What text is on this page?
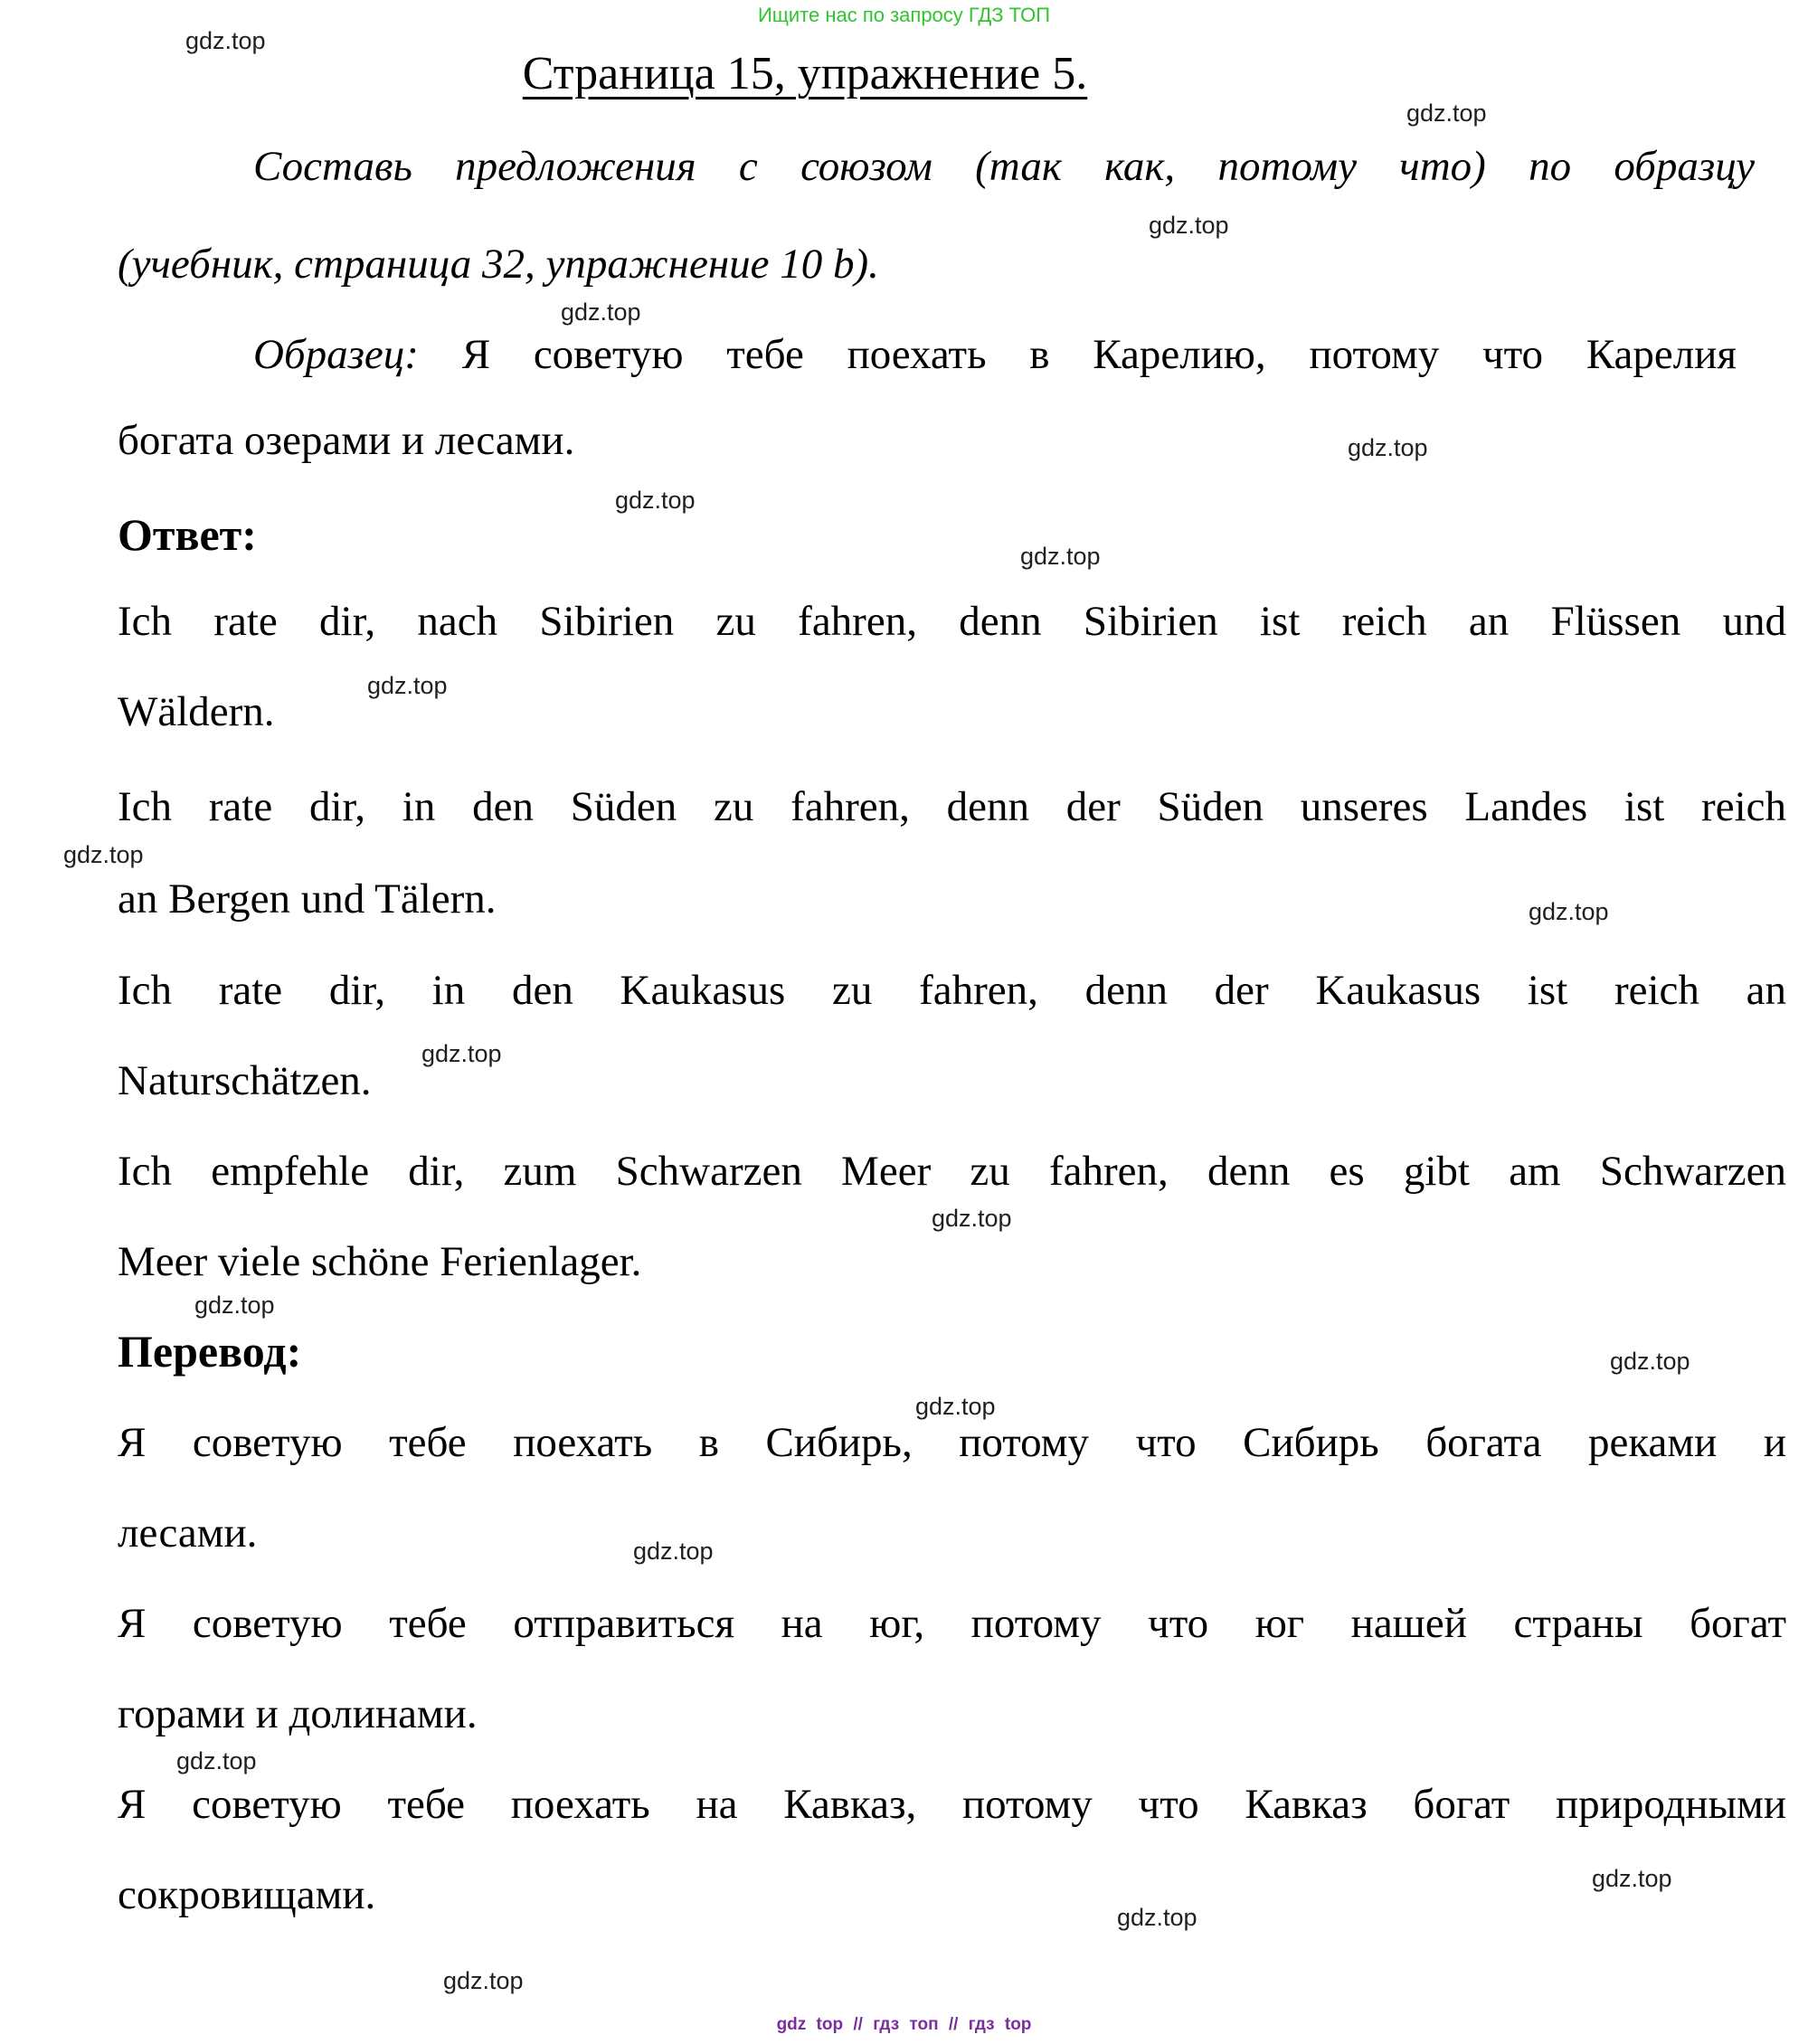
Ищите нас по запросу ГДЗ ТОП
Страница 15, упражнение 5.
Составь предложения с союзом (так как, потому что) по образцу
(учебник, страница 32, упражнение 10 b).
Образец: Я советую тебе поехать в Карелию, потому что Карелия
богата озерами и лесами.
Ответ:
Ich rate dir, nach Sibirien zu fahren, denn Sibirien ist reich an Flüssen und
Wäldern.
Ich rate dir, in den Süden zu fahren, denn der Süden unseres Landes ist reich
an Bergen und Tälern.
Ich rate dir, in den Kaukasus zu fahren, denn der Kaukasus ist reich an
Naturschätzen.
Ich empfehle dir, zum Schwarzen Meer zu fahren, denn es gibt am Schwarzen
Meer viele schöne Ferienlager.
Перевод:
Я советую тебе поехать в Сибирь, потому что Сибирь богата реками и
лесами.
Я советую тебе отправиться на юг, потому что юг нашей страны богат
горами и долинами.
Я советую тебе поехать на Кавказ, потому что Кавказ богат природными
сокровищами.
gdz.top
gdz.top
gdz.top
gdz.top
gdz.top
gdz.top
gdz.top
gdz.top
gdz.top
gdz.top
gdz.top
gdz.top
gdz.top
gdz.top
gdz.top
gdz.top
gdz.top
gdz.top
gdz.top
gdz.top
gdz top // гдз топ // гдз top
